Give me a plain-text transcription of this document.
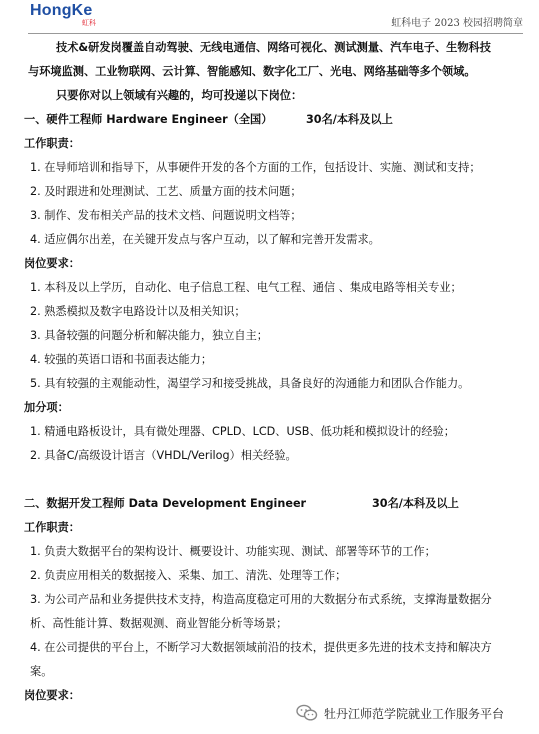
HongKe
虹科	虹科电子 2023 校园招聘简章
技术&研发岗覆盖自动驾驶、无线电通信、网络可视化、测试测量、汽车电子、生物科技
与环境监测、工业物联网、云计算、智能感知、数字化工厂、光电、网络基础等多个领域。
只要你对以上领域有兴趣的，均可投递以下岗位：
一、硬件工程师 Hardware Engineer（全国）	30名/本科及以上
工作职责：
1. 在导师培训和指导下，从事硬件开发的各个方面的工作，包括设计、实施、测试和支持；
2. 及时跟进和处理测试、工艺、质量方面的技术问题；
3. 制作、发布相关产品的技术文档、问题说明文档等；
4. 适应偶尔出差，在关键开发点与客户互动，以了解和完善开发需求。
岗位要求：
1. 本科及以上学历，自动化、电子信息工程、电气工程、通信 、集成电路等相关专业；
2. 熟悉模拟及数字电路设计以及相关知识；
3. 具备较强的问题分析和解决能力，独立自主；
4. 较强的英语口语和书面表达能力；
5. 具有较强的主观能动性，渴望学习和接受挑战，具备良好的沟通能力和团队合作能力。
加分项：
1. 精通电路板设计，具有微处理器、CPLD、LCD、USB、低功耗和模拟设计的经验；
2. 具备C/高级设计语言（VHDL/Verilog）相关经验。
二、数据开发工程师 Data Development Engineer	30名/本科及以上
工作职责：
1. 负责大数据平台的架构设计、概要设计、功能实现、测试、部署等环节的工作；
2. 负责应用相关的数据接入、采集、加工、清洗、处理等工作；
3. 为公司产品和业务提供技术支持，构造高度稳定可用的大数据分布式系统，支撑海量数据分
析、高性能计算、数据观测、商业智能分析等场景；
4. 在公司提供的平台上，不断学习大数据领域前沿的技术，提供更多先进的技术支持和解决方
案。
岗位要求：
牡丹江师范学院就业工作服务平台
